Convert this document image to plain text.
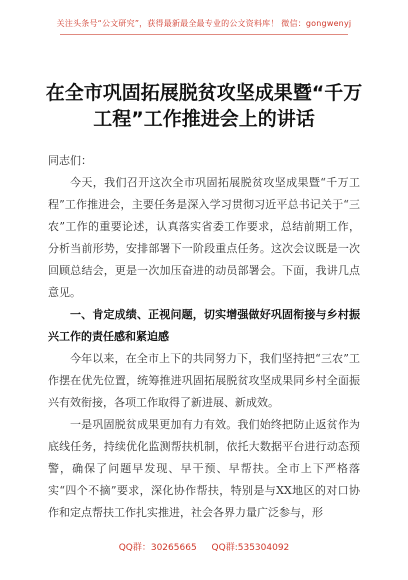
关注头条号“公文研究”，获得最新最全最专业的公文资料库！ 微信：gongwenyj
在全市巩固拓展脱贫攻坚成果暨“千万工程”工作推进会上的讲话

同志们：

今天，我们召开这次全市巩固拓展脱贫攻坚成果暨“千万工程”工作推进会，主要任务是深入学习贯彻习近平总书记关于“三农”工作的重要论述，认真落实省委工作要求，总结前期工作，分析当前形势，安排部署下一阶段重点任务。这次会议既是一次回顾总结会，更是一次加压奋进的动员部署会。下面，我讲几点意见。

一、肯定成绩、正视问题，切实增强做好巩固衔接与乡村振兴工作的责任感和紧迫感

今年以来，在全市上下的共同努力下，我们坚持把“三农”工作摆在优先位置，统筹推进巩固拓展脱贫攻坚成果同乡村全面振兴有效衔接，各项工作取得了新进展、新成效。

一是巩固脱贫成果更加有力有效。我们始终把防止返贫作为底线任务，持续优化监测帮扶机制，依托大数据平台进行动态预警，确保了问题早发现、早干预、早帮扶。全市上下严格落实“四个不摘”要求，深化协作帮扶，特别是与XX地区的对口协作和定点帮扶工作扎实推进，社会各界力量广泛参与，形

QQ群：30265665 QQ群:535304092
